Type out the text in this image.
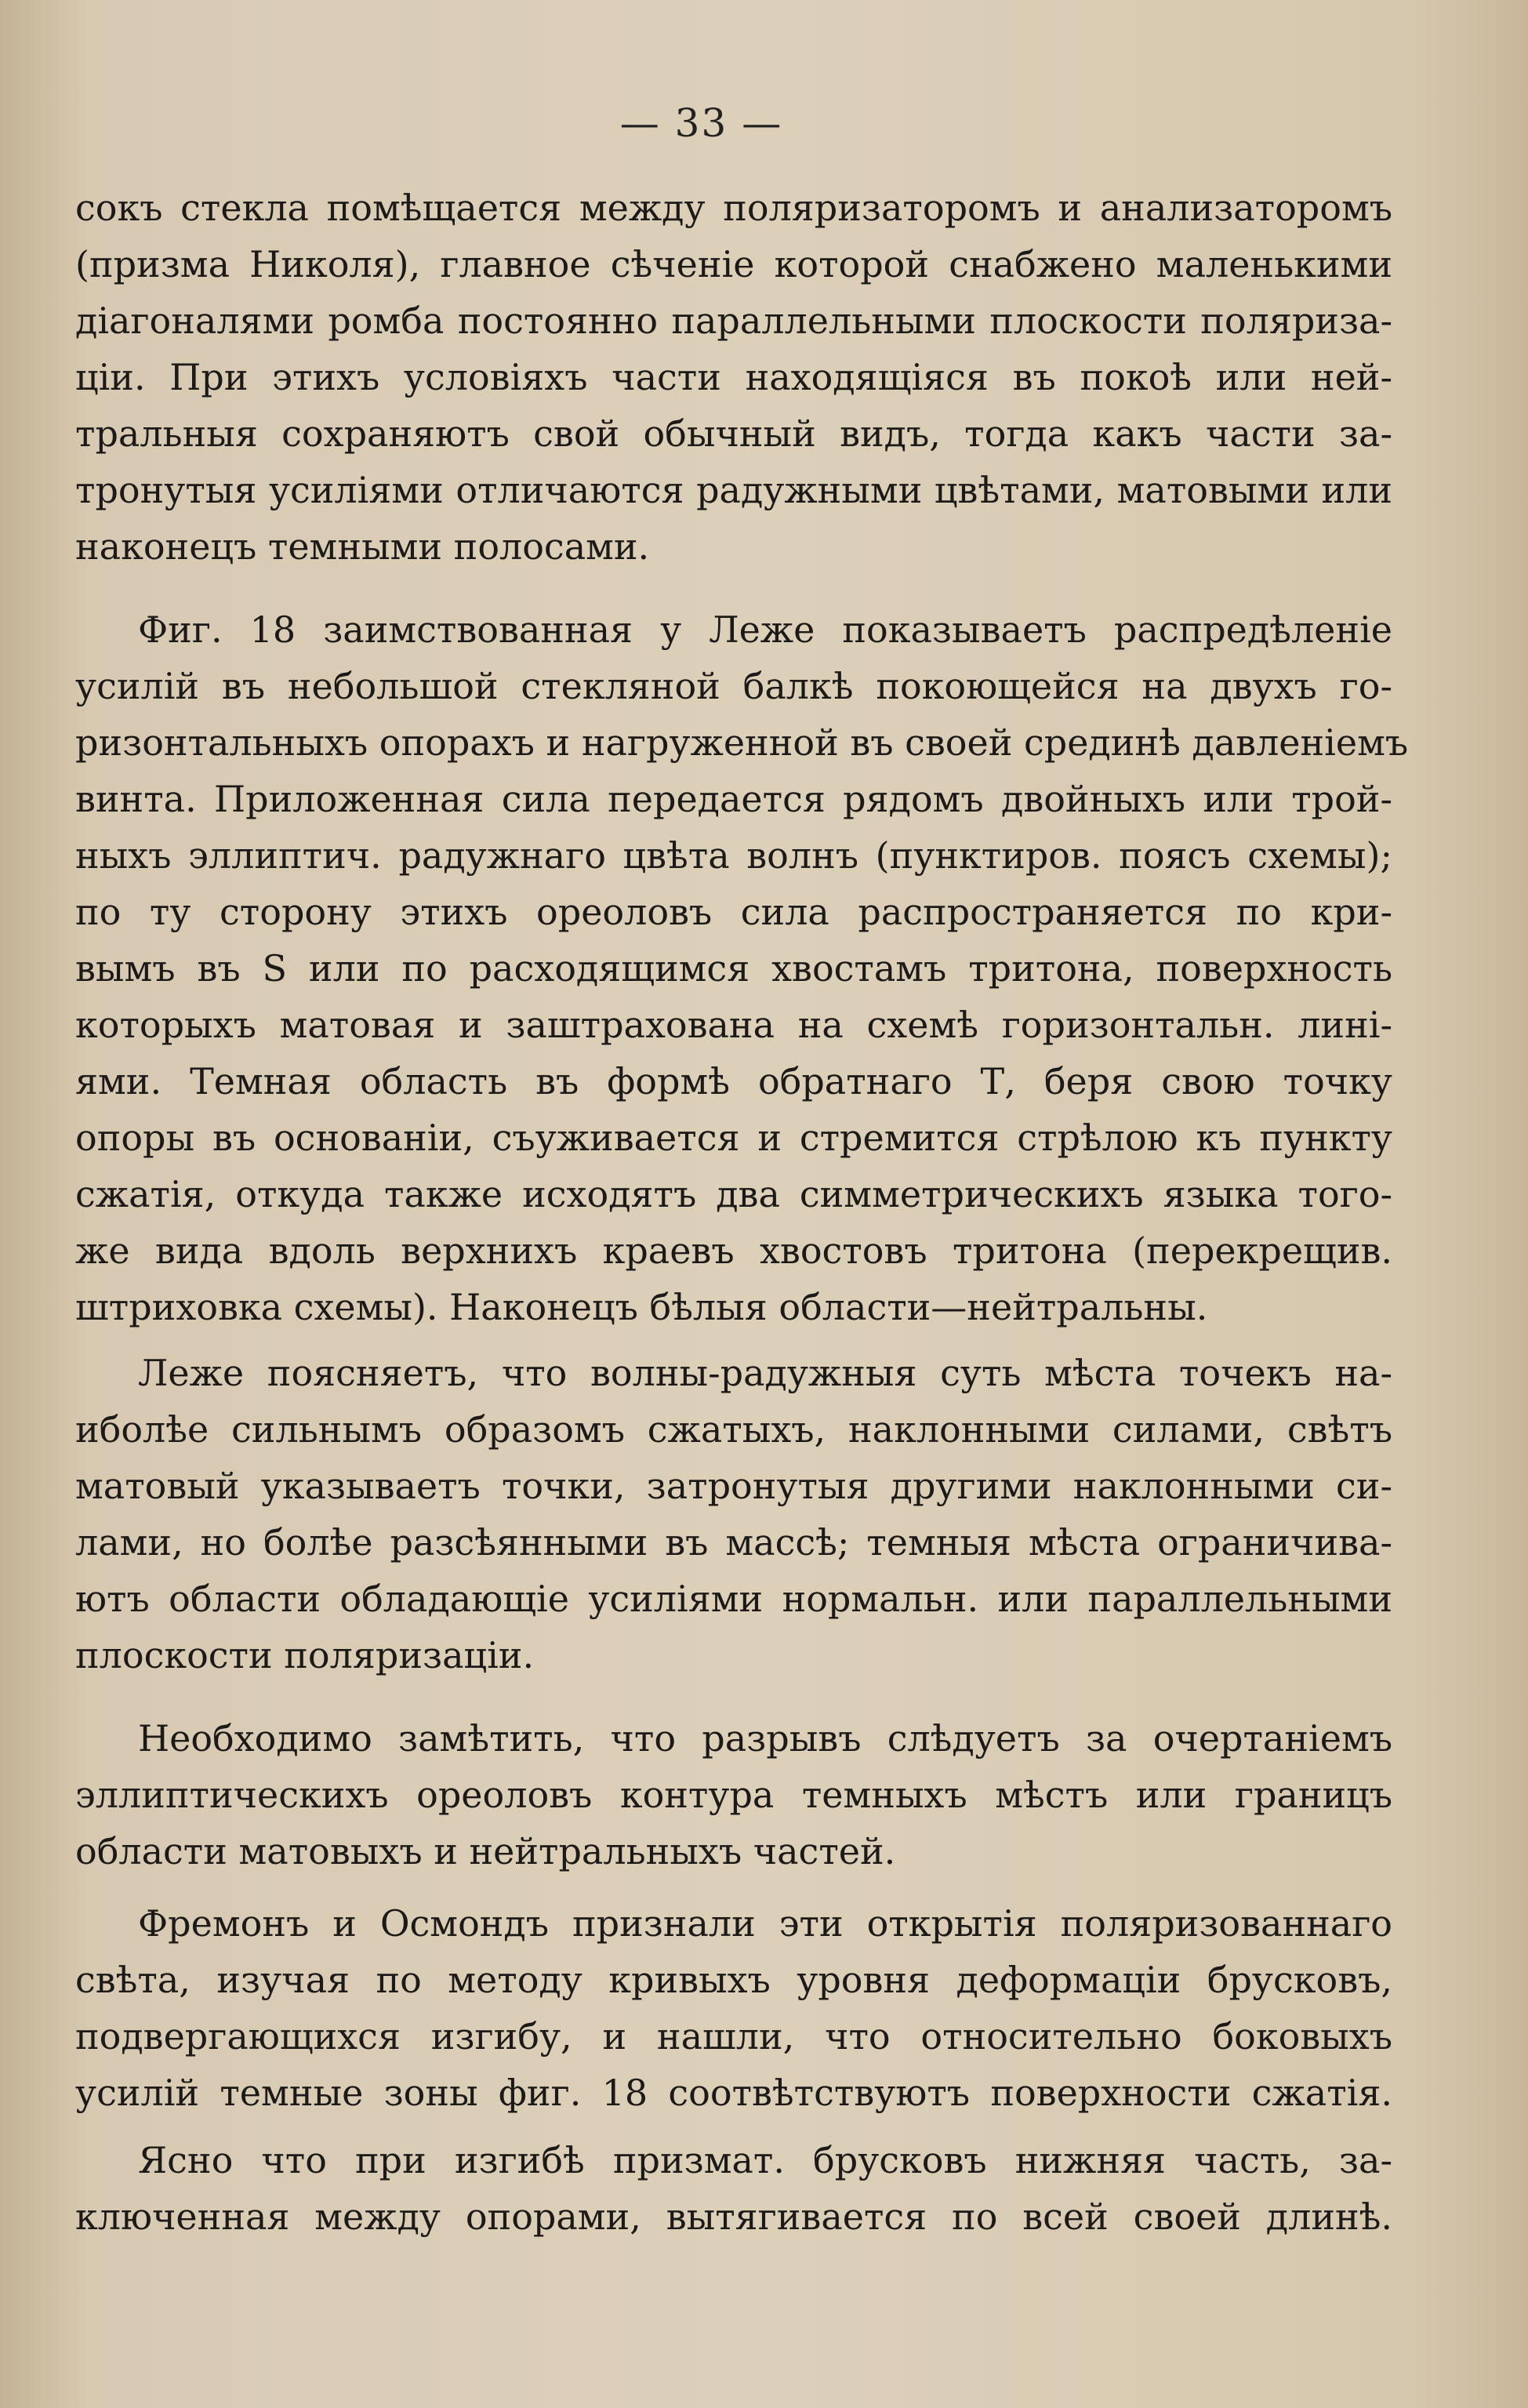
— 33 —
сокъ стекла помѣщается между поляризаторомъ и анализаторомъ
(призма Николя), главное сѣченіе которой снабжено маленькими
діагоналями ромба постоянно параллельными плоскости поляриза-
ціи. При этихъ условіяхъ части находящіяся въ покоѣ или ней-
тральныя сохраняютъ свой обычный видъ, тогда какъ части за-
тронутыя усиліями отличаются радужными цвѣтами, матовыми или
наконецъ темными полосами.
Фиг. 18 заимствованная у Леже показываетъ распредѣленіе
усилій въ небольшой стекляной балкѣ покоющейся на двухъ го-
ризонтальныхъ опорахъ и нагруженной въ своей срединѣ давленіемъ
винта. Приложенная сила передается рядомъ двойныхъ или трой-
ныхъ эллиптич. радужнаго цвѣта волнъ (пунктиров. поясъ схемы);
по ту сторону этихъ ореоловъ сила распространяется по кри-
вымъ въ S или по расходящимся хвостамъ тритона, поверхность
которыхъ матовая и заштрахована на схемѣ горизонтальн. лині-
ями. Темная область въ формѣ обратнаго Т, беря свою точку
опоры въ основаніи, съуживается и стремится стрѣлою къ пункту
сжатія, откуда также исходятъ два симметрическихъ языка того-
же вида вдоль верхнихъ краевъ хвостовъ тритона (перекрещив.
штриховка схемы). Наконецъ бѣлыя области—нейтральны.
Леже поясняетъ, что волны-радужныя суть мѣста точекъ на-
иболѣе сильнымъ образомъ сжатыхъ, наклонными силами, свѣтъ
матовый указываетъ точки, затронутыя другими наклонными си-
лами, но болѣе разсѣянными въ массѣ; темныя мѣста ограничива-
ютъ области обладающіе усиліями нормальн. или параллельными
плоскости поляризаціи.
Необходимо замѣтить, что разрывъ слѣдуетъ за очертаніемъ
эллиптическихъ ореоловъ контура темныхъ мѣстъ или границъ
области матовыхъ и нейтральныхъ частей.
Фремонъ и Осмондъ признали эти открытія поляризованнаго
свѣта, изучая по методу кривыхъ уровня деформаціи брусковъ,
подвергающихся изгибу, и нашли, что относительно боковыхъ
усилій темные зоны фиг. 18 соотвѣтствуютъ поверхности сжатія.
Ясно что при изгибѣ призмат. брусковъ нижняя часть, за-
ключенная между опорами, вытягивается по всей своей длинѣ.
